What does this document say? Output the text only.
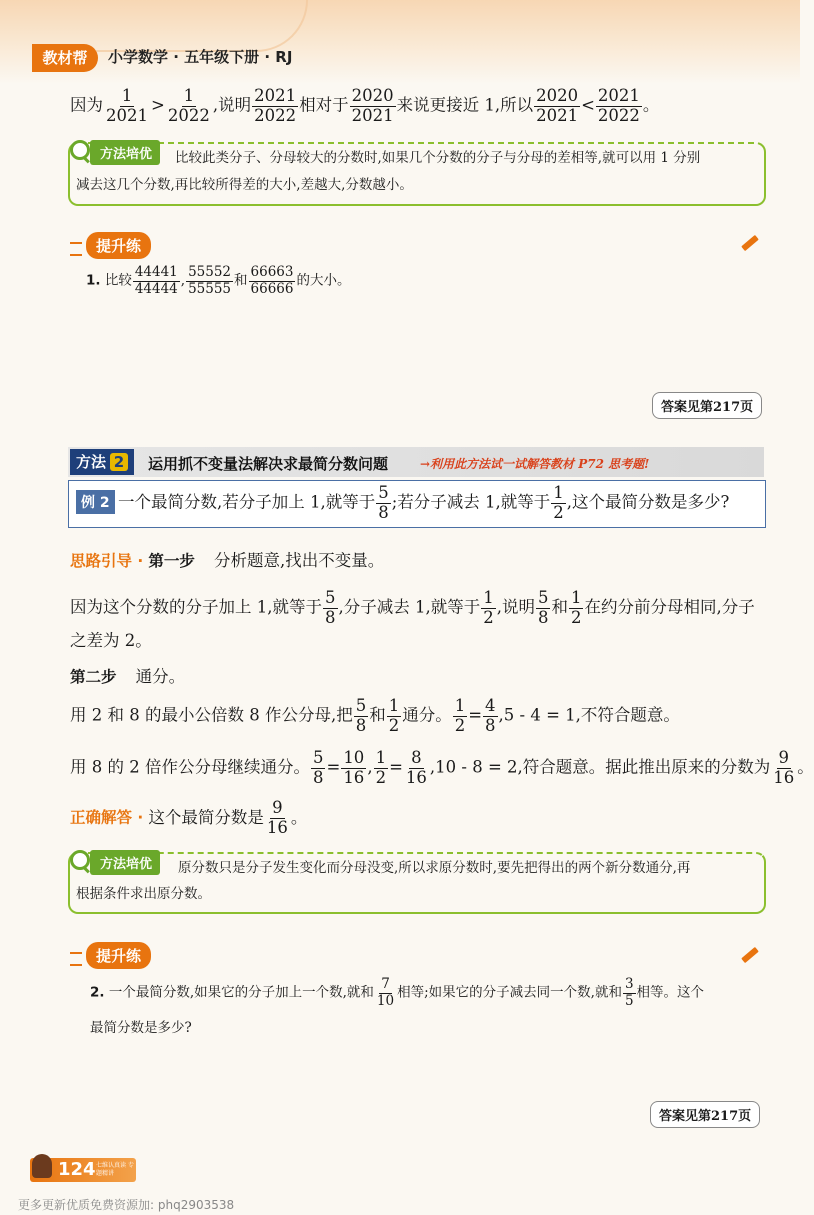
教材帮	小学数学 · 五年级下册 · RJ
因为 $\frac{1}{2021} > \frac{1}{2022}$ ,说明 $\frac{2021}{2022}$ 相对于 $\frac{2020}{2021}$ 来说更接近 1,所以 $\frac{2020}{2021} < \frac{2021}{2022}$ 。
方法培优	比较此类分子、分母较大的分数时,如果几个分数的分子与分母的差相等,就可以用 1 分别
减去这几个分数,再比较所得差的大小,差越大,分数越小。
提升练
1. 比较 $\frac{44441}{44444}$ , $\frac{55552}{55555}$ 和 $\frac{66663}{66666}$ 的大小。
答案见第217页
方法 2	运用抓不变量法解决求最简分数问题	→利用此方法试一试解答教材 P72 思考题!
例 2 一个最简分数,若分子加上 1,就等于 $\frac{5}{8}$ ;若分子减去 1,就等于 $\frac{1}{2}$ ,这个最简分数是多少?
思路引导 · 第一步 分析题意,找出不变量。
因为这个分数的分子加上 1,就等于 $\frac{5}{8}$ ,分子减去 1,就等于 $\frac{1}{2}$ ,说明 $\frac{5}{8}$ 和 $\frac{1}{2}$ 在约分前分母相同,分子
之差为 2。
第二步 通分。
用 2 和 8 的最小公倍数 8 作公分母,把 $\frac{5}{8}$ 和 $\frac{1}{2}$ 通分。 $\frac{1}{2} = \frac{4}{8} ,5 - 4 = 1$,不符合题意。
用 8 的 2 倍作公分母继续通分。 $\frac{5}{8} = \frac{10}{16}$ , $\frac{1}{2} = \frac{8}{16} ,10 - 8 = 2$,符合题意。据此推出原来的分数为 $\frac{9}{16}$ 。
正确解答 · 这个最简分数是 $\frac{9}{16}$ 。
方法培优	原分数只是分子发生变化而分母没变,所以求原分数时,要先把得出的两个新分数通分,再
根据条件求出原分数。
提升练
2. 一个最简分数,如果它的分子加上一个数,就和 $\frac{7}{10}$ 相等;如果它的分子减去同一个数,就和 $\frac{3}{5}$ 相等。这个
最简分数是多少?
答案见第217页
124 七维认真读 专题精讲
更多更新优质免费资源加: phq2903538
